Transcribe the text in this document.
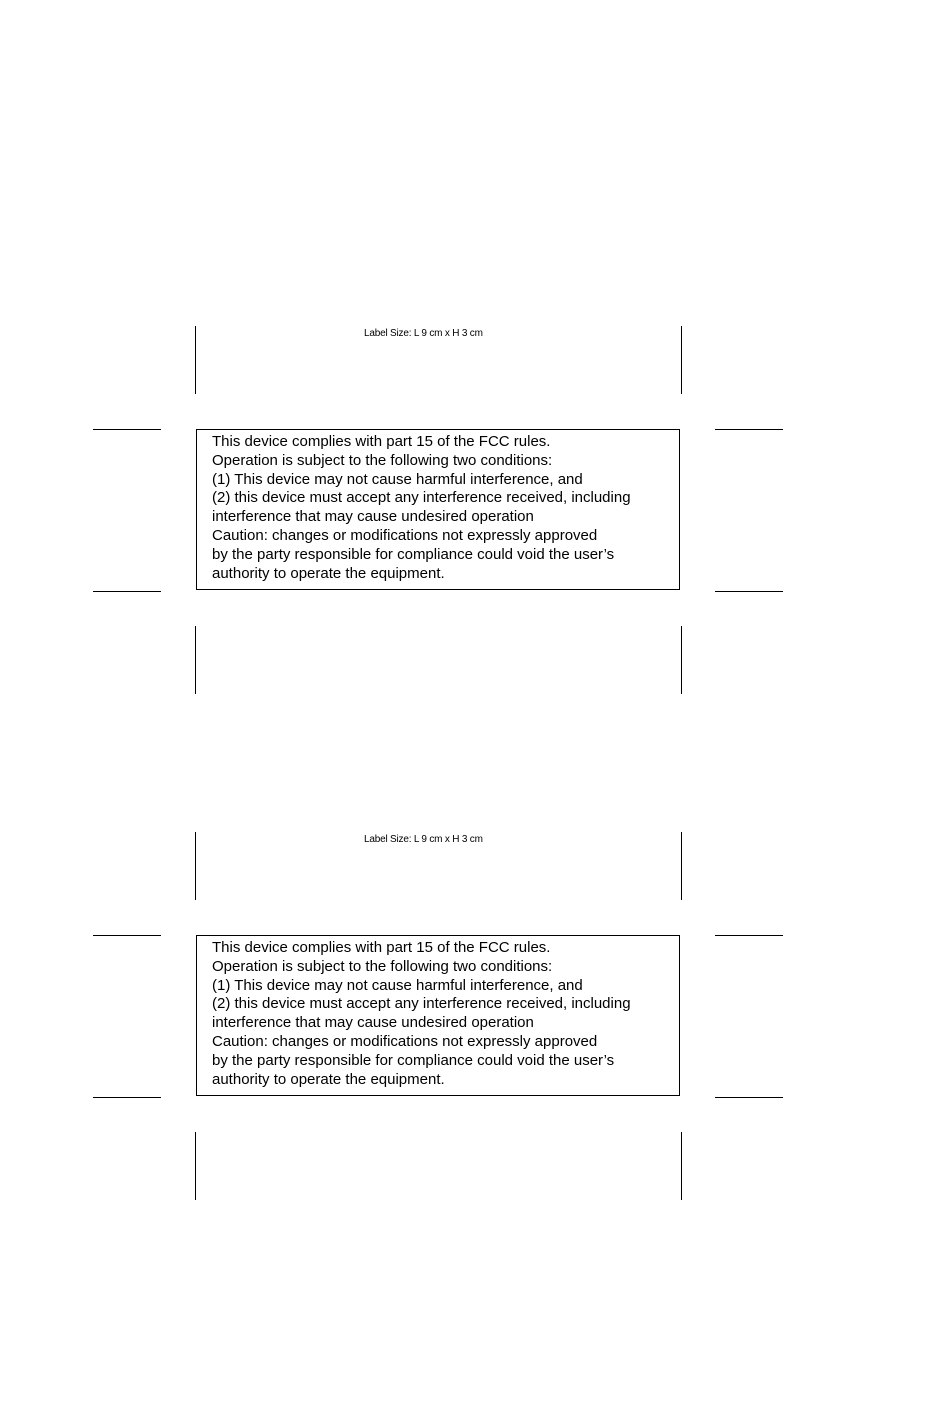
Label Size: L 9 cm x H 3 cm
This device complies with part 15 of the FCC rules.
Operation is subject to the following two conditions:
(1) This device may not cause harmful interference, and
(2) this device must accept any interference received, including
interference that may cause undesired operation
Caution: changes or modifications not expressly approved
by the party responsible for compliance could void the user’s
authority to operate the equipment.
Label Size: L 9 cm x H 3 cm
This device complies with part 15 of the FCC rules.
Operation is subject to the following two conditions:
(1) This device may not cause harmful interference, and
(2) this device must accept any interference received, including
interference that may cause undesired operation
Caution: changes or modifications not expressly approved
by the party responsible for compliance could void the user’s
authority to operate the equipment.
